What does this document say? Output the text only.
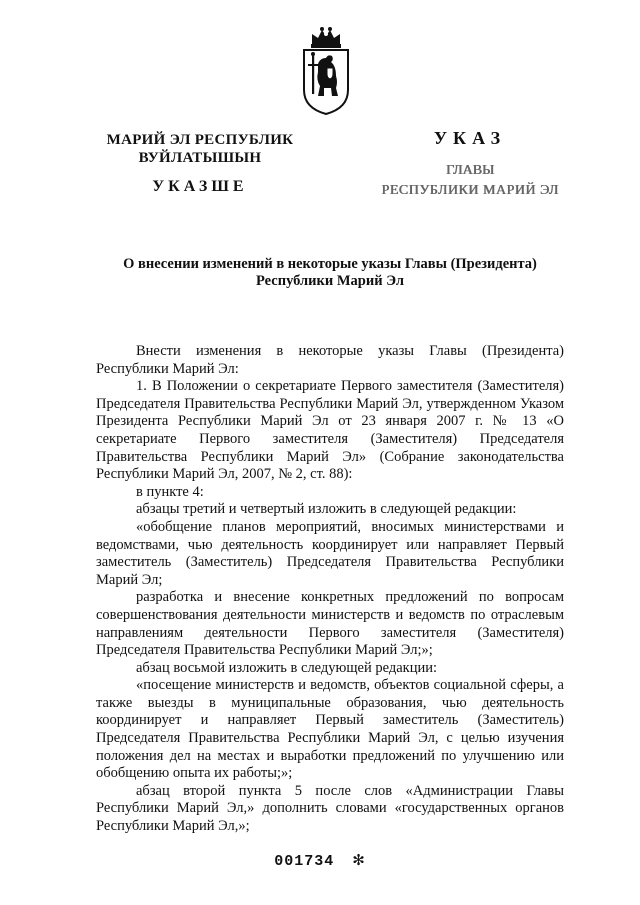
МАРИЙ ЭЛ РЕСПУБЛИК
ВУЙЛАТЫШЫН
УКАЗШЕ
УКАЗ
ГЛАВЫ
РЕСПУБЛИКИ МАРИЙ ЭЛ
О внесении изменений в некоторые указы Главы (Президента)
Республики Марий Эл

Внести изменения в некоторые указы Главы (Президента) Республики Марий Эл:

1. В Положении о секретариате Первого заместителя (Заместителя) Председателя Правительства Республики Марий Эл, утвержденном Указом Президента Республики Марий Эл от 23 января 2007 г. № 13 «О секретариате Первого заместителя (Заместителя) Председателя Правительства Республики Марий Эл» (Собрание законодательства Республики Марий Эл, 2007, № 2, ст. 88):

в пункте 4:

абзацы третий и четвертый изложить в следующей редакции:

«обобщение планов мероприятий, вносимых министерствами и ведомствами, чью деятельность координирует или направляет Первый заместитель (Заместитель) Председателя Правительства Республики Марий Эл;

разработка и внесение конкретных предложений по вопросам совершенствования деятельности министерств и ведомств по отраслевым направлениям деятельности Первого заместителя (Заместителя) Председателя Правительства Республики Марий Эл;»;

абзац восьмой изложить в следующей редакции:

«посещение министерств и ведомств, объектов социальной сферы, а также выезды в муниципальные образования, чью деятельность координирует и направляет Первый заместитель (Заместитель) Председателя Правительства Республики Марий Эл, с целью изучения положения дел на местах и выработки предложений по улучшению или обобщению опыта их работы;»;

абзац второй пункта 5 после слов «Администрации Главы Республики Марий Эл,» дополнить словами «государственных органов Республики Марий Эл,»;

001734 ✻
